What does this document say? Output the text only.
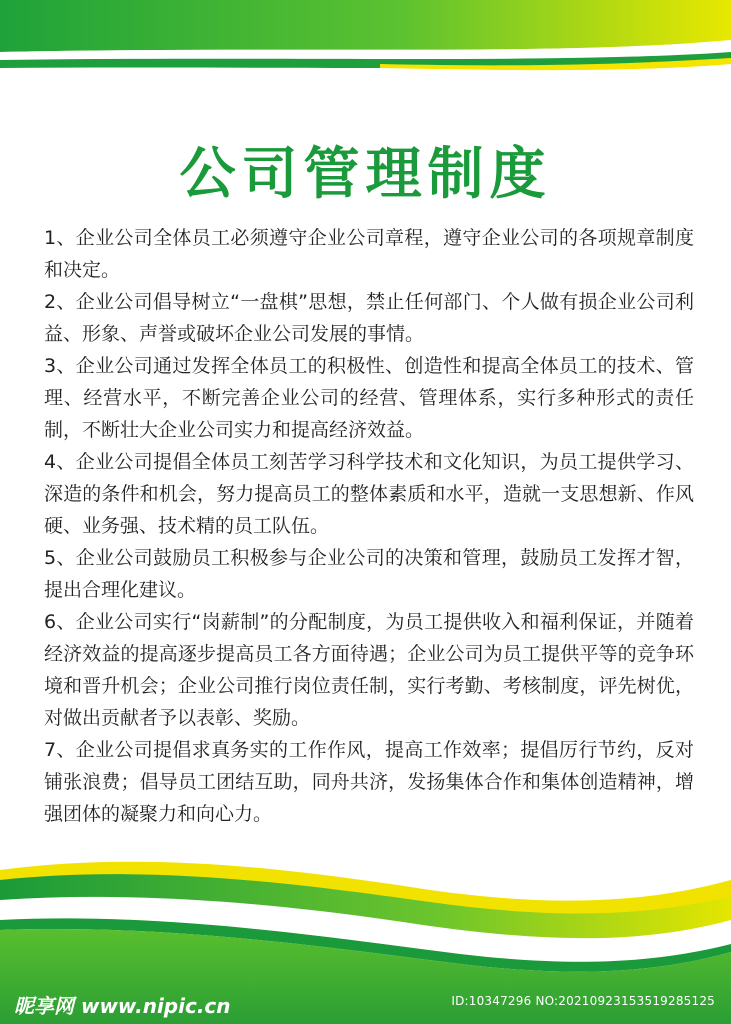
公司管理制度

1、企业公司全体员工必须遵守企业公司章程，遵守企业公司的各项规章制度和决定。

2、企业公司倡导树立“一盘棋”思想，禁止任何部门、个人做有损企业公司利益、形象、声誉或破坏企业公司发展的事情。

3、企业公司通过发挥全体员工的积极性、创造性和提高全体员工的技术、管理、经营水平，不断完善企业公司的经营、管理体系，实行多种形式的责任制，不断壮大企业公司实力和提高经济效益。

4、企业公司提倡全体员工刻苦学习科学技术和文化知识，为员工提供学习、深造的条件和机会，努力提高员工的整体素质和水平，造就一支思想新、作风硬、业务强、技术精的员工队伍。

5、企业公司鼓励员工积极参与企业公司的决策和管理，鼓励员工发挥才智，提出合理化建议。

6、企业公司实行“岗薪制”的分配制度，为员工提供收入和福利保证，并随着经济效益的提高逐步提高员工各方面待遇；企业公司为员工提供平等的竞争环境和晋升机会；企业公司推行岗位责任制，实行考勤、考核制度，评先树优，对做出贡献者予以表彰、奖励。

7、企业公司提倡求真务实的工作作风，提高工作效率；提倡厉行节约，反对铺张浪费；倡导员工团结互助，同舟共济，发扬集体合作和集体创造精神，增强团体的凝聚力和向心力。

昵享网 www.nipic.cn	ID:10347296 NO:20210923153519285125
